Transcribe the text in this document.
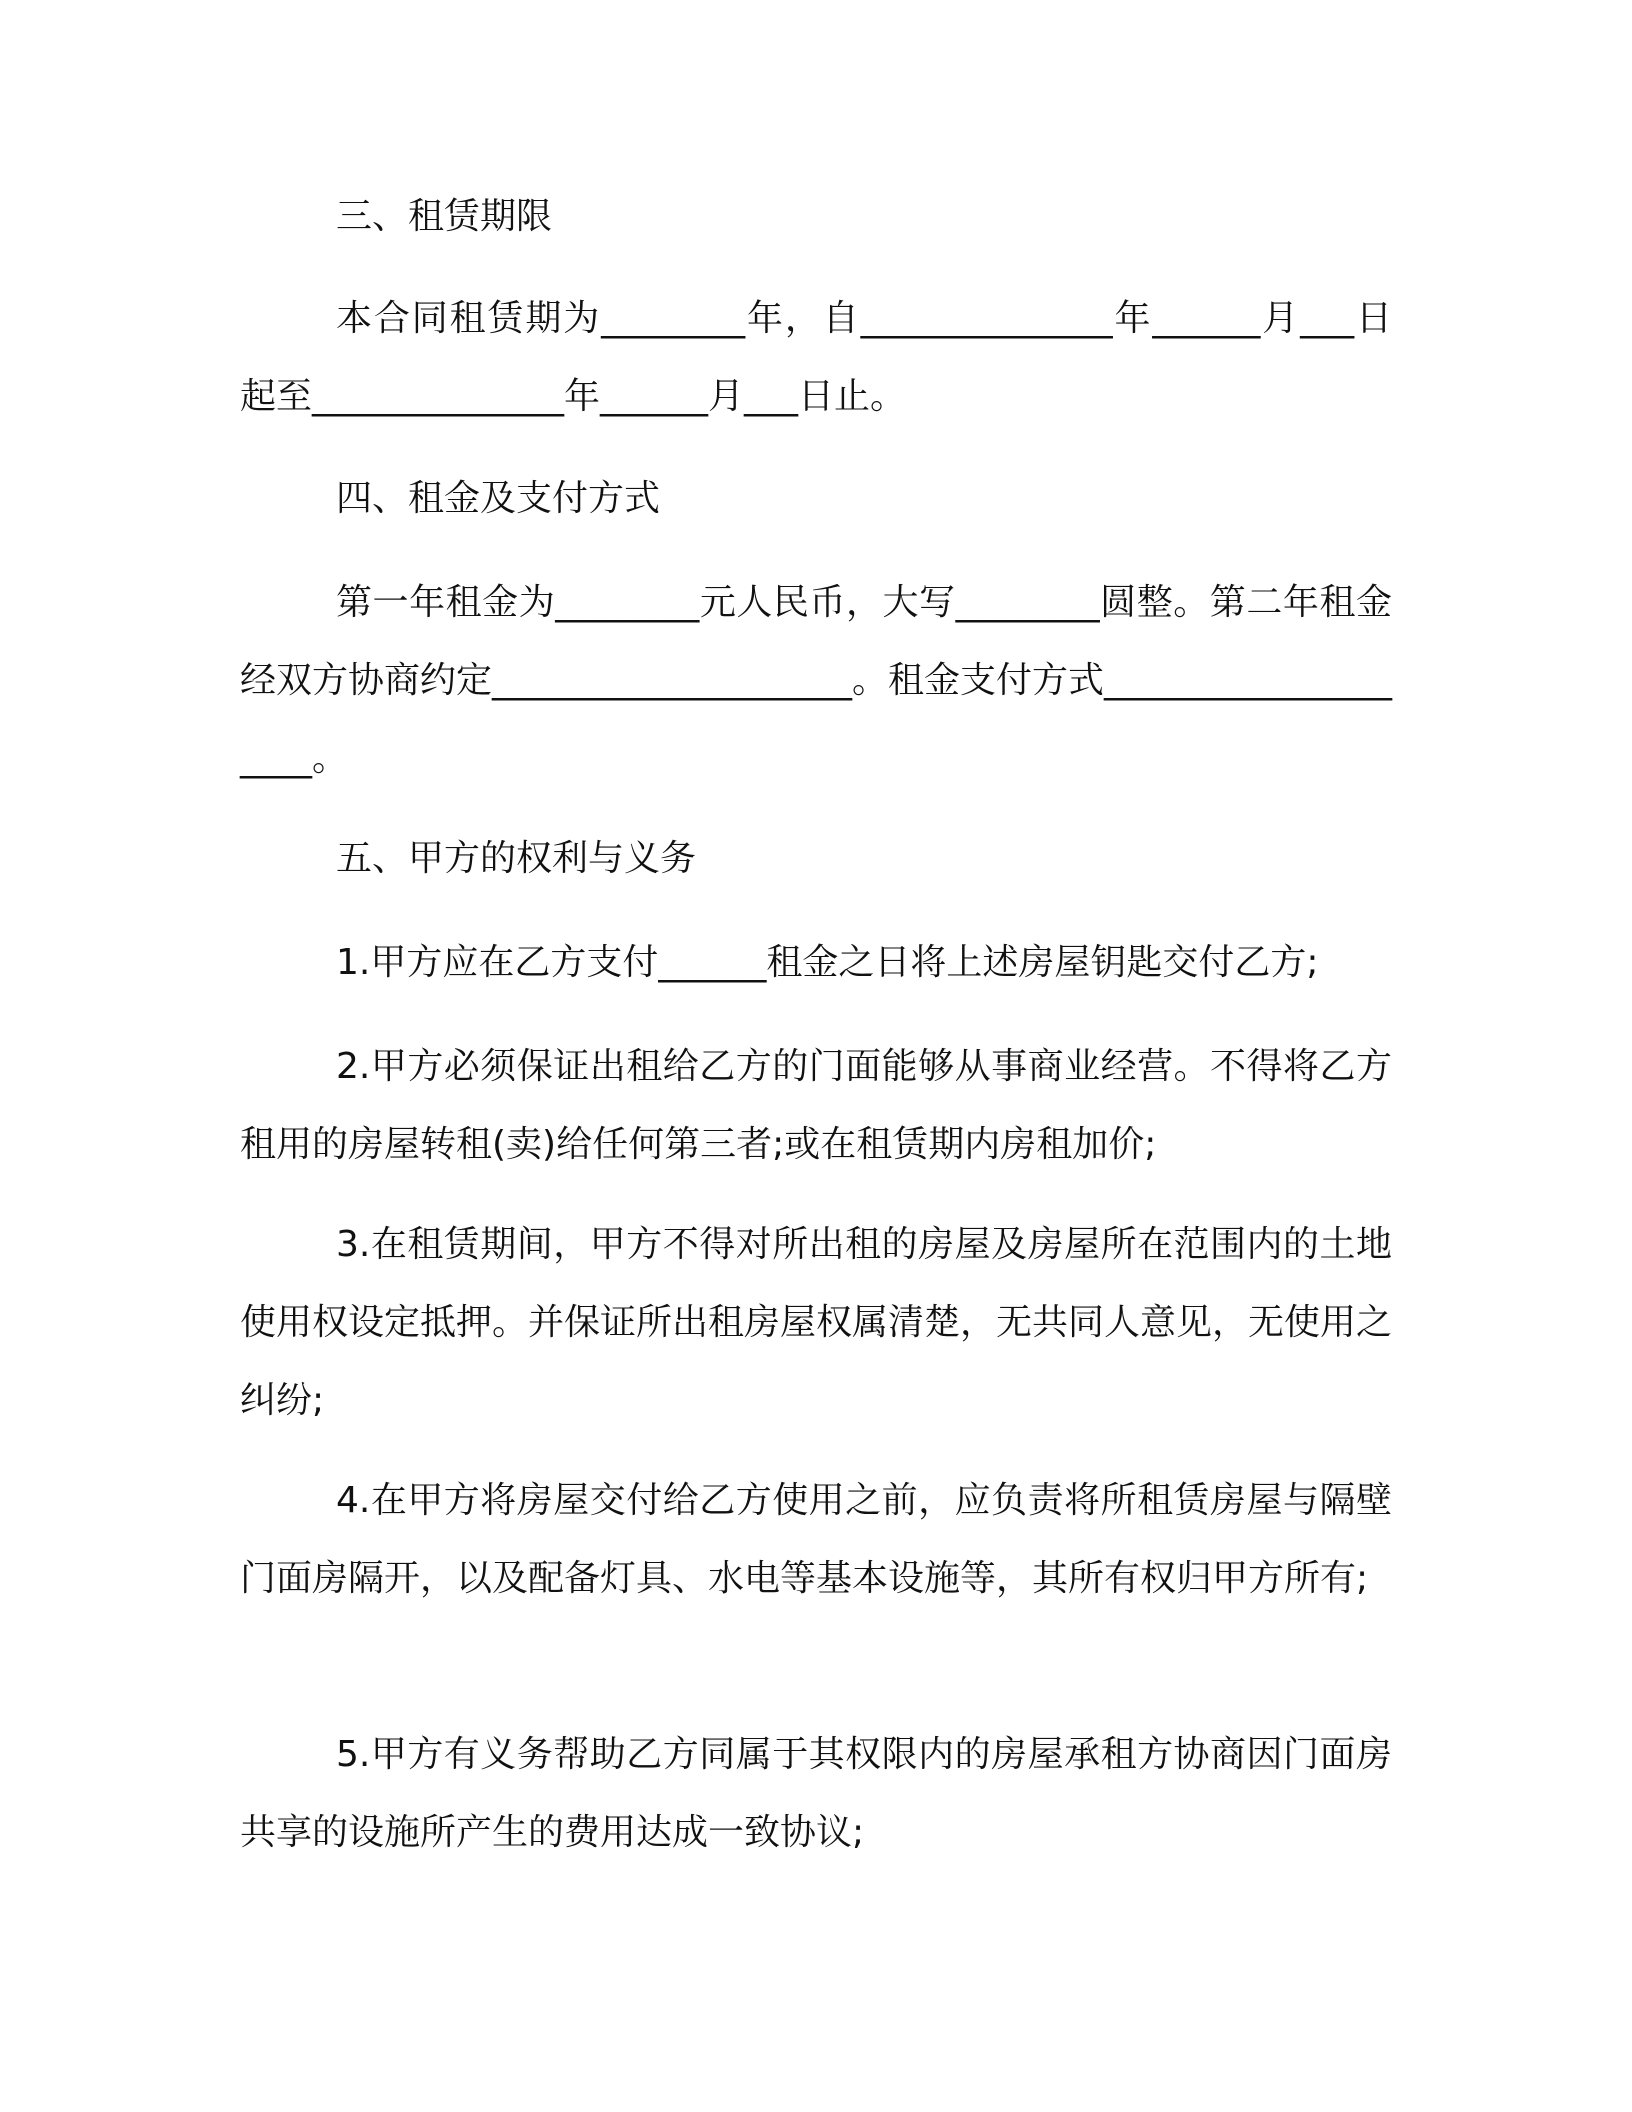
三、租赁期限

本合同租赁期为________年，自______________年______月___日起至______________年______月___日止。

四、租金及支付方式

第一年租金为________元人民币，大写________圆整。第二年租金经双方协商约定____________________。租金支付方式____________________。

五、甲方的权利与义务

1.甲方应在乙方支付______租金之日将上述房屋钥匙交付乙方;

2.甲方必须保证出租给乙方的门面能够从事商业经营。不得将乙方租用的房屋转租(卖)给任何第三者;或在租赁期内房租加价;

3.在租赁期间，甲方不得对所出租的房屋及房屋所在范围内的土地使用权设定抵押。并保证所出租房屋权属清楚，无共同人意见，无使用之纠纷;

4.在甲方将房屋交付给乙方使用之前，应负责将所租赁房屋与隔壁门面房隔开，以及配备灯具、水电等基本设施等，其所有权归甲方所有;

5.甲方有义务帮助乙方同属于其权限内的房屋承租方协商因门面房共享的设施所产生的费用达成一致协议;
